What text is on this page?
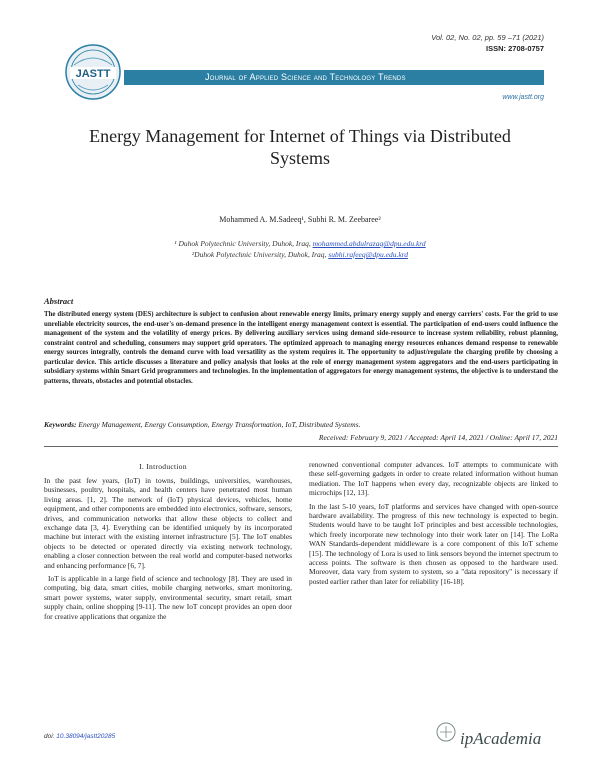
Vol. 02, No. 02, pp. 59 –71 (2021)
ISSN: 2708-0757
JASTT	Journal of Applied Science and Technology Trends
www.jastt.org
Energy Management for Internet of Things via Distributed
Systems
Mohammed A. M.Sadeeq¹, Subhi R. M. Zeebaree²
¹ Duhok Polytechnic University, Duhok, Iraq, mohammed.abdulrazaq@dpu.edu.krd
²Duhok Polytechnic University, Duhok, Iraq, subhi.rafeeq@dpu.edu.krd
Abstract
The distributed energy system (DES) architecture is subject to confusion about renewable energy limits, primary energy supply and energy carriers' costs. For the grid to use unreliable electricity sources, the end-user's on-demand presence in the intelligent energy management context is essential. The participation of end-users could influence the management of the system and the volatility of energy prices. By delivering auxiliary services using demand side-resource to increase system reliability, robust planning, constraint control and scheduling, consumers may support grid operators. The optimized approach to managing energy resources enhances demand response to renewable energy sources integrally, controls the demand curve with load versatility as the system requires it. The opportunity to adjust/regulate the charging profile by choosing a particular device. This article discusses a literature and policy analysis that looks at the role of energy management system aggregators and the end-users participating in subsidiary systems within Smart Grid programmers and technologies. In the implementation of aggregators for energy management systems, the objective is to understand the patterns, threats, obstacles and potential obstacles.
Keywords: Energy Management, Energy Consumption, Energy Transformation, IoT, Distributed Systems.
Received: February 9, 2021 / Accepted: April 14, 2021 / Online: April 17, 2021
I. Introduction

In the past few years, (IoT) in towns, buildings, universities, warehouses, businesses, poultry, hospitals, and health centers have penetrated most human living areas. [1, 2]. The network of (IoT) physical devices, vehicles, home equipment, and other components are embedded into electronics, software, sensors, drives, and communication networks that allow these objects to collect and exchange data [3, 4]. Everything can be identified uniquely by its incorporated machine but interact with the existing internet infrastructure [5]. The IoT enables objects to be detected or operated directly via existing network technology, enabling a closer connection between the real world and computer-based networks and enhancing performance [6, 7].

IoT is applicable in a large field of science and technology [8]. They are used in computing, big data, smart cities, mobile charging networks, smart monitoring, smart power systems, water supply, environmental security, smart retail, smart supply chain, online shopping [9-11]. The new IoT concept provides an open door for creative applications that organize the

renowned conventional computer advances. IoT attempts to communicate with these self-governing gadgets in order to create related information without human mediation. The IoT happens when every day, recognizable objects are linked to microchips [12, 13].

In the last 5-10 years, IoT platforms and services have changed with open-source hardware availability. The progress of this new technology is expected to begin. Students would have to be taught IoT principles and best accessible technologies, which freely incorporate new technology into their work later on [14]. The LoRa WAN Standards-dependent middleware is a core component of this IoT scheme [15]. The technology of Lora is used to link sensors beyond the internet spectrum to access points. The software is then chosen as opposed to the hardware used. Moreover, data vary from system to system, so a "data repository" is necessary if posted earlier rather than later for reliability [16-18].

doi: 10.38094/jastt20285	ipAcademia
